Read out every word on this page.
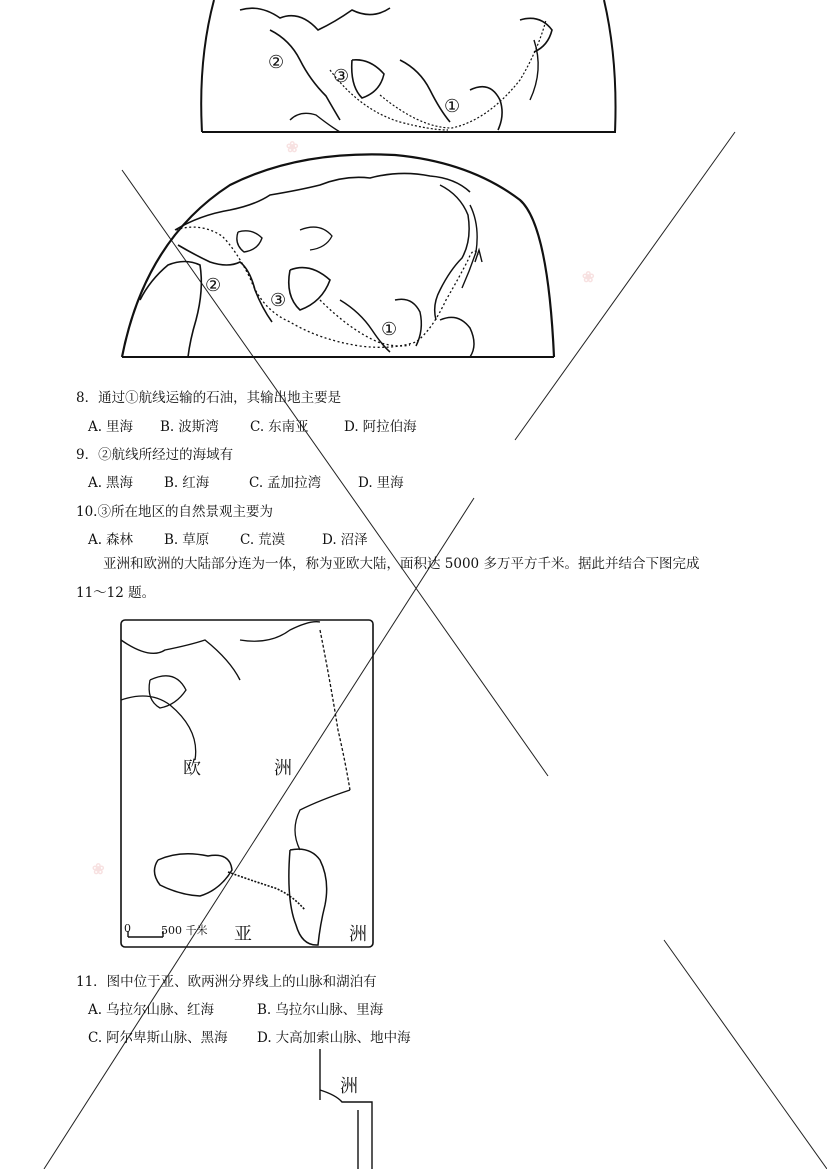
❀
❀
❀
①
②
③
①
②
③
8．通过①航线运输的石油，其输出地主要是
A. 里海 B. 波斯湾 C. 东南亚	D. 阿拉伯海
9．②航线所经过的海域有
A. 黑海 B. 红海	C. 孟加拉湾	D. 里海
10.③所在地区的自然景观主要为
A. 森林 B. 草原 C. 荒漠	D. 沼泽
亚洲和欧洲的大陆部分连为一体，称为亚欧大陆，面积达 5000 多万平方千米。据此并结合下图完成
11～12 题。
欧	洲
亚	洲
0	500 千米
11．图中位于亚、欧两洲分界线上的山脉和湖泊有
A. 乌拉尔山脉、红海	B. 乌拉尔山脉、里海
C. 阿尔卑斯山脉、黑海 D. 大高加索山脉、地中海
洲
